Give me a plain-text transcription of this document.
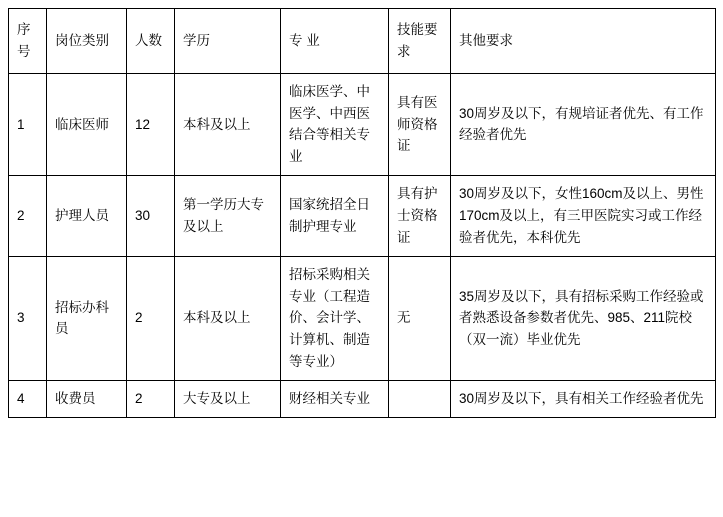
序号	岗位类别	人数	学历	专 业	技能要求	其他要求
1	临床医师	12	本科及以上	临床医学、中医学、中西医结合等相关专业	具有医师资格证	30周岁及以下，有规培证者优先、有工作经验者优先
2	护理人员	30	第一学历大专及以上	国家统招全日制护理专业	具有护士资格证	30周岁及以下，女性160cm及以上、男性170cm及以上，有三甲医院实习或工作经验者优先，本科优先
3	招标办科员	2	本科及以上	招标采购相关专业（工程造价、会计学、计算机、制造等专业）	无	35周岁及以下，具有招标采购工作经验或者熟悉设备参数者优先、985、211院校（双一流）毕业优先
4	收费员	2	大专及以上	财经相关专业		30周岁及以下，具有相关工作经验者优先
